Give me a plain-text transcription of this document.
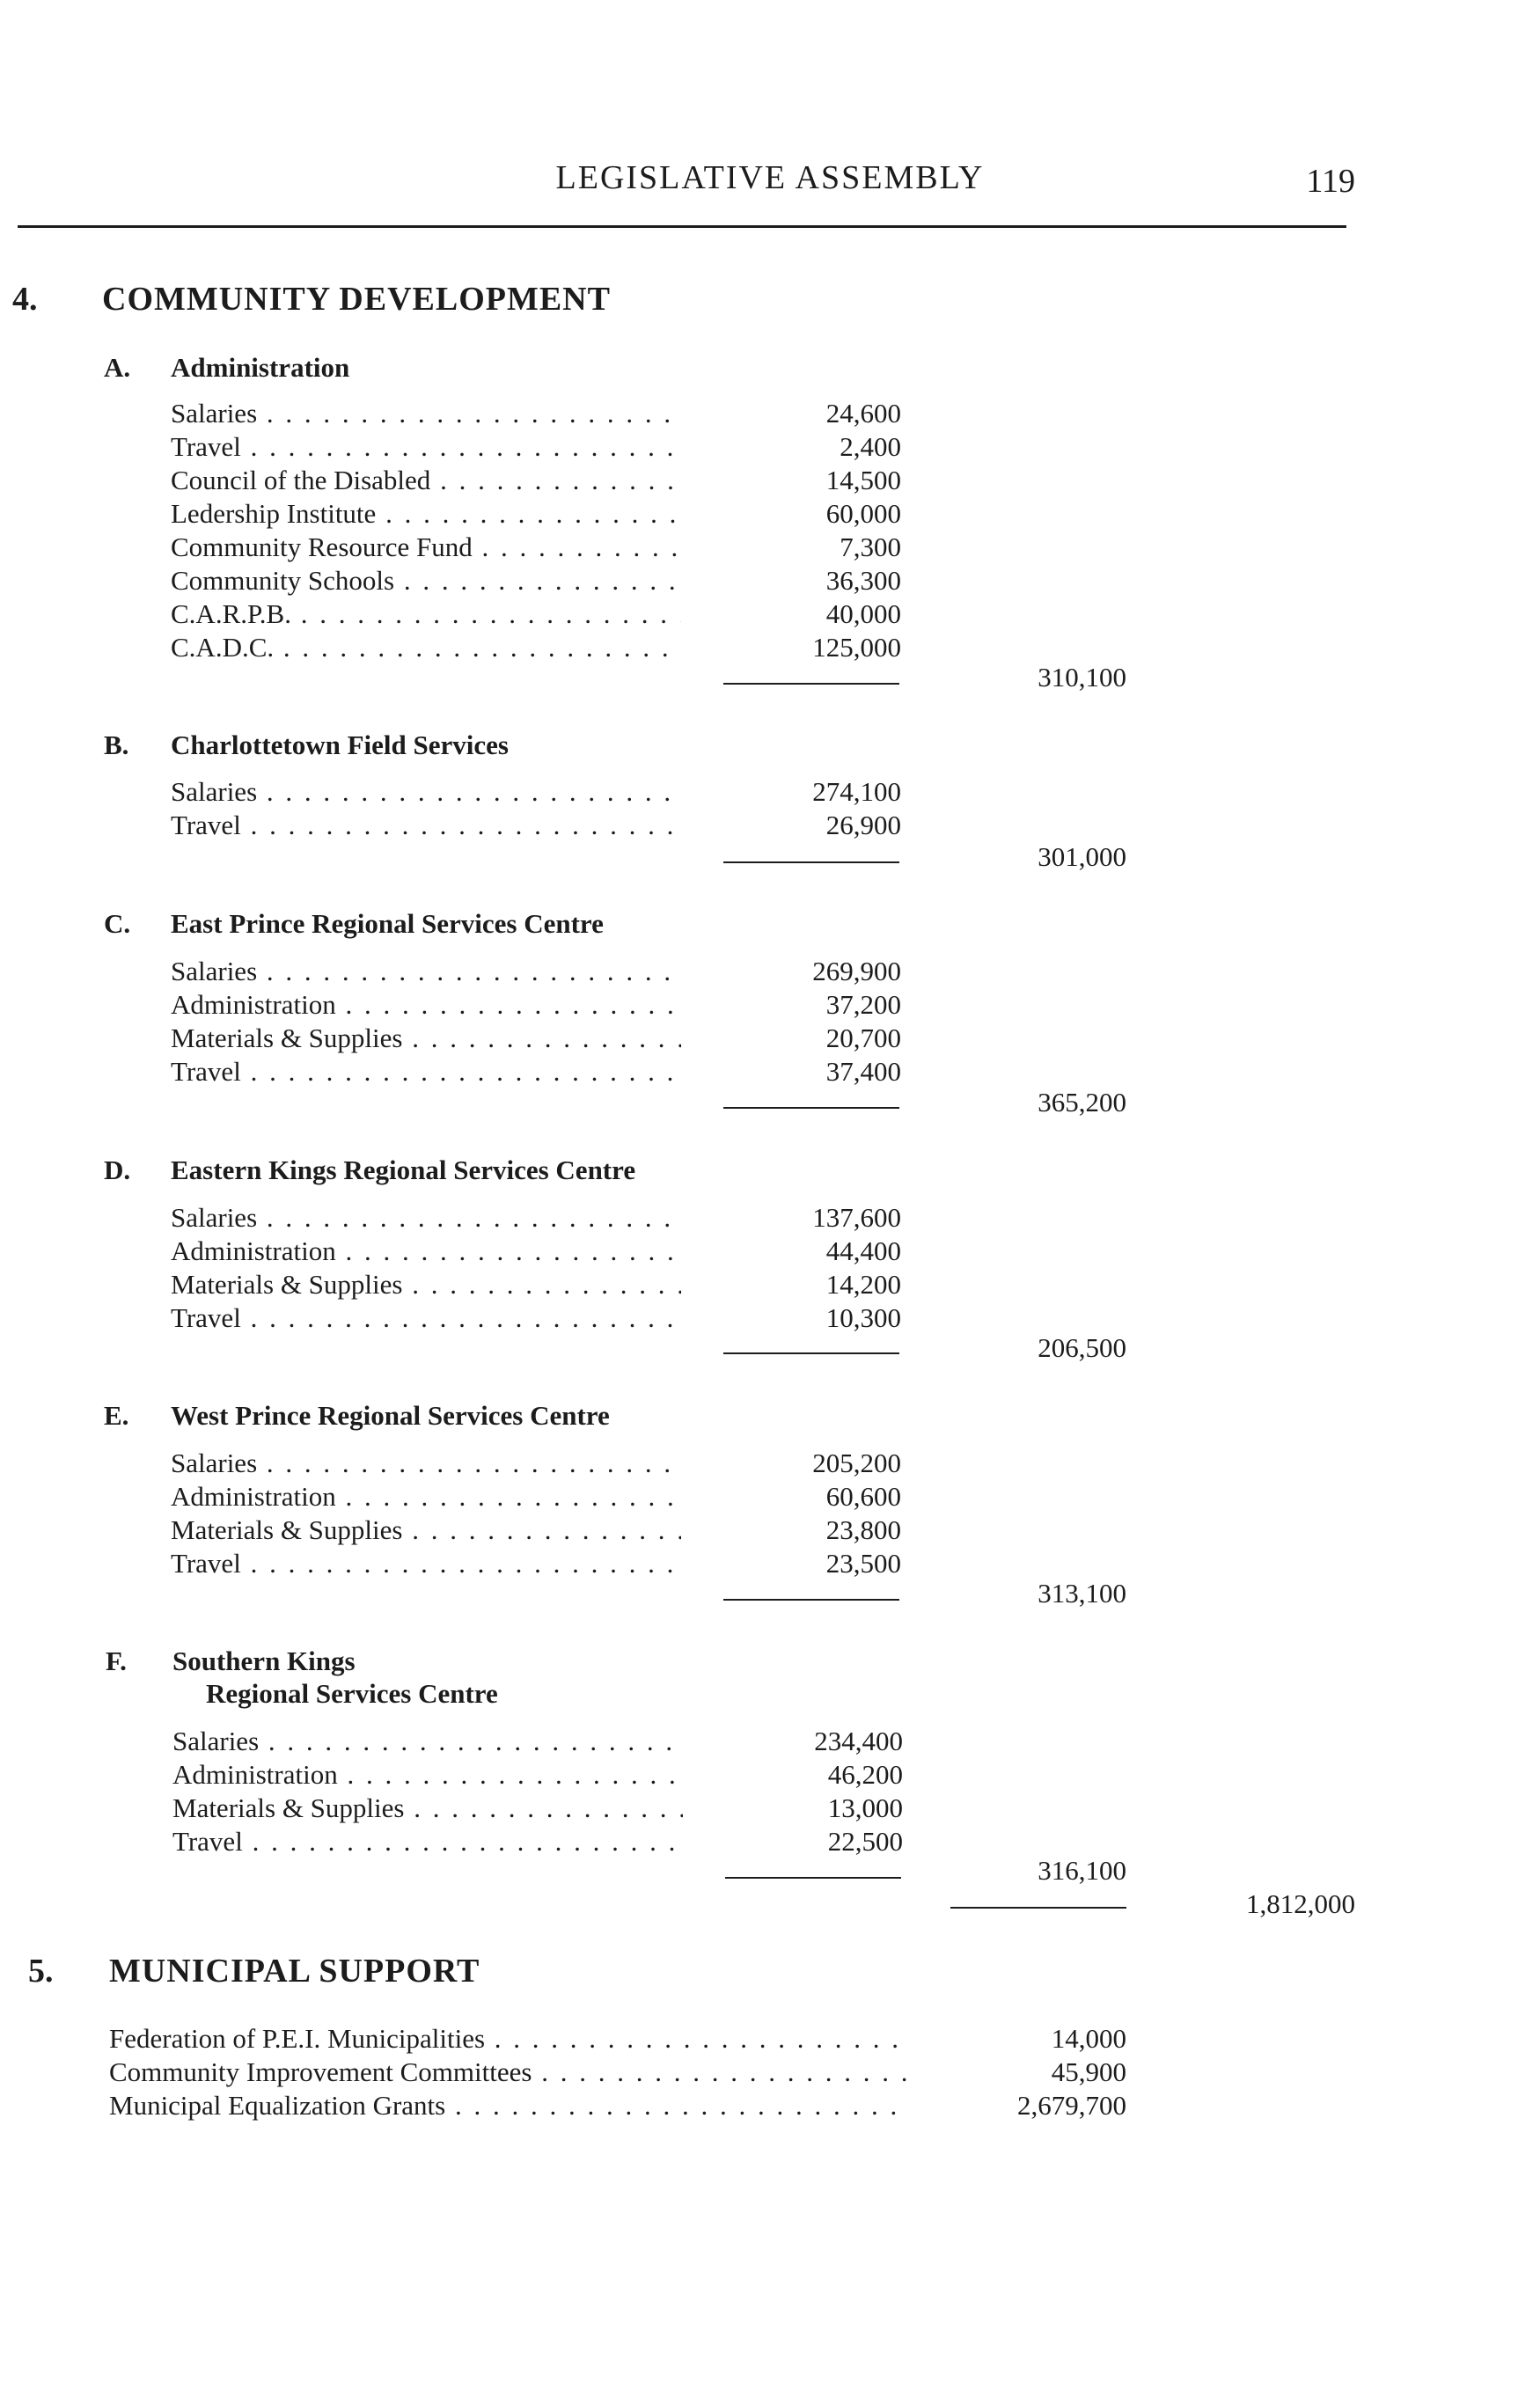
LEGISLATIVE ASSEMBLY	119
4. COMMUNITY DEVELOPMENT
A. Administration
Salaries . . .	24,600
Travel . . .	2,400
Council of the Disabled . . .	14,500
Ledership Institute . . .	60,000
Community Resource Fund . . .	7,300
Community Schools . . .	36,300
C.A.R.P.B. . . .	40,000
C.A.D.C. . . .	125,000
310,100
B. Charlottetown Field Services
Salaries . . .	274,100
Travel . . .	26,900
301,000
C. East Prince Regional Services Centre
Salaries . . .	269,900
Administration . . .	37,200
Materials & Supplies . . .	20,700
Travel . . .	37,400
365,200
D. Eastern Kings Regional Services Centre
Salaries . . .	137,600
Administration . . .	44,400
Materials & Supplies . . .	14,200
Travel . . .	10,300
206,500
E. West Prince Regional Services Centre
Salaries . . .	205,200
Administration . . .	60,600
Materials & Supplies . . .	23,800
Travel . . .	23,500
313,100
F. Southern Kings
Regional Services Centre
Salaries . . .	234,400
Administration . . .	46,200
Materials & Supplies . . .	13,000
Travel . . .	22,500
316,100
1,812,000
5. MUNICIPAL SUPPORT
Federation of P.E.I. Municipalities . . .	14,000
Community Improvement Committees . . .	45,900
Municipal Equalization Grants . . .	2,679,700
